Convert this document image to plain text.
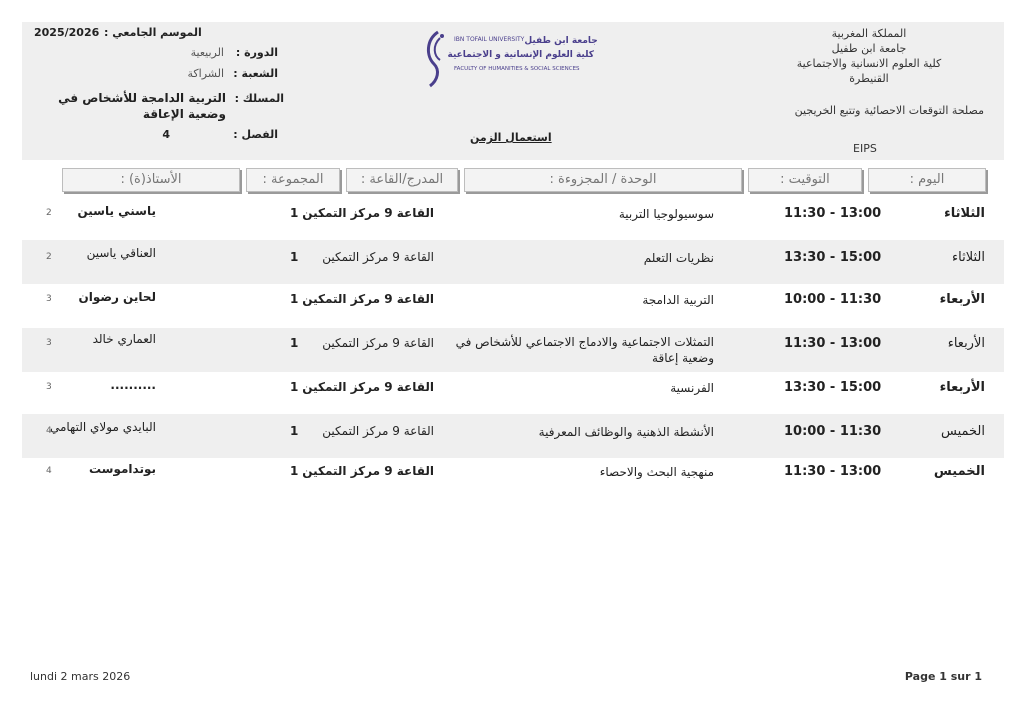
المملكة المغربية
جامعة ابن طفيل
كلية العلوم الانسانية والاجتماعية
القنيطرة
مصلحة التوقعات الاحصائية وتتبع الخريجين
EIPS
IBN TOFAIL UNIVERSITY جامعة ابن طفيل
كلية العلوم الإنسانية و الاجتماعية
FACULTY OF HUMANITIES & SOCIAL SCIENCES
استعمال الزمن
الموسم الجامعي :
2025/2026
الدورة :
الربيعية
الشعبة :
الشراكة
المسلك :
التربية الدامجة للأشخاص في وضعية الإعاقة
الفصل :
4
اليوم :
التوقيت :
الوحدة / المجزوءة :
المدرج/القاعة :
المجموعة :
الأستاذ(ة) :
الثلاثاء
11:30 - 13:00
سوسيولوجيا التربية
القاعة 9 مركز التمكين
1
ياسني ياسين
2
الثلاثاء
13:30 - 15:00
نظريات التعلم
القاعة 9 مركز التمكين
1
العناقي ياسين
2
الأربعاء
10:00 - 11:30
التربية الدامجة
القاعة 9 مركز التمكين
1
لحاين رضوان
3
الأربعاء
11:30 - 13:00
التمثلات الاجتماعية والادماج الاجتماعي للأشخاص في وضعية إعاقة
القاعة 9 مركز التمكين
1
العماري خالد
3
الأربعاء
13:30 - 15:00
الفرنسية
القاعة 9 مركز التمكين
1
..........
3
الخميس
10:00 - 11:30
الأنشطة الذهنية والوظائف المعرفية
القاعة 9 مركز التمكين
1
البايدي مولاي التهامي
4
الخميس
11:30 - 13:00
منهجية البحث والاحصاء
القاعة 9 مركز التمكين
1
بوتداموست
4
lundi 2 mars 2026	Page 1 sur 1
